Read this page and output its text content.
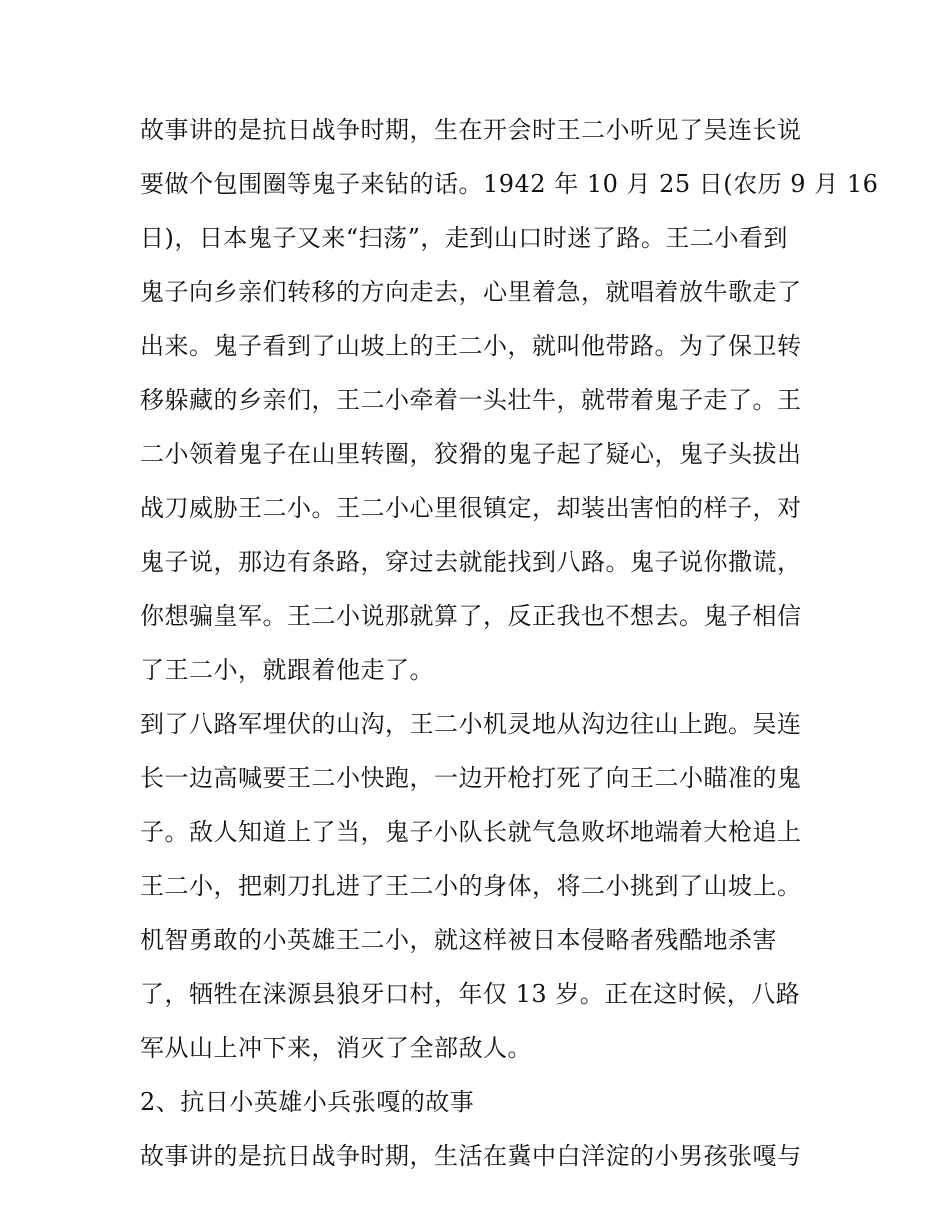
故事讲的是抗日战争时期，生在开会时王二小听见了吴连长说
要做个包围圈等鬼子来钻的话。1942 年 10 月 25 日(农历 9 月 16
日)，日本鬼子又来“扫荡”，走到山口时迷了路。王二小看到
鬼子向乡亲们转移的方向走去，心里着急，就唱着放牛歌走了
出来。鬼子看到了山坡上的王二小，就叫他带路。为了保卫转
移躲藏的乡亲们，王二小牵着一头壮牛，就带着鬼子走了。王
二小领着鬼子在山里转圈，狡猾的鬼子起了疑心，鬼子头拔出
战刀威胁王二小。王二小心里很镇定，却装出害怕的样子，对
鬼子说，那边有条路，穿过去就能找到八路。鬼子说你撒谎，
你想骗皇军。王二小说那就算了，反正我也不想去。鬼子相信
了王二小，就跟着他走了。
到了八路军埋伏的山沟，王二小机灵地从沟边往山上跑。吴连
长一边高喊要王二小快跑，一边开枪打死了向王二小瞄准的鬼
子。敌人知道上了当，鬼子小队长就气急败坏地端着大枪追上
王二小，把刺刀扎进了王二小的身体，将二小挑到了山坡上。
机智勇敢的小英雄王二小，就这样被日本侵略者残酷地杀害
了，牺牲在涞源县狼牙口村，年仅 13 岁。正在这时候，八路
军从山上冲下来，消灭了全部敌人。
2、抗日小英雄小兵张嘎的故事
故事讲的是抗日战争时期，生活在冀中白洋淀的小男孩张嘎与
